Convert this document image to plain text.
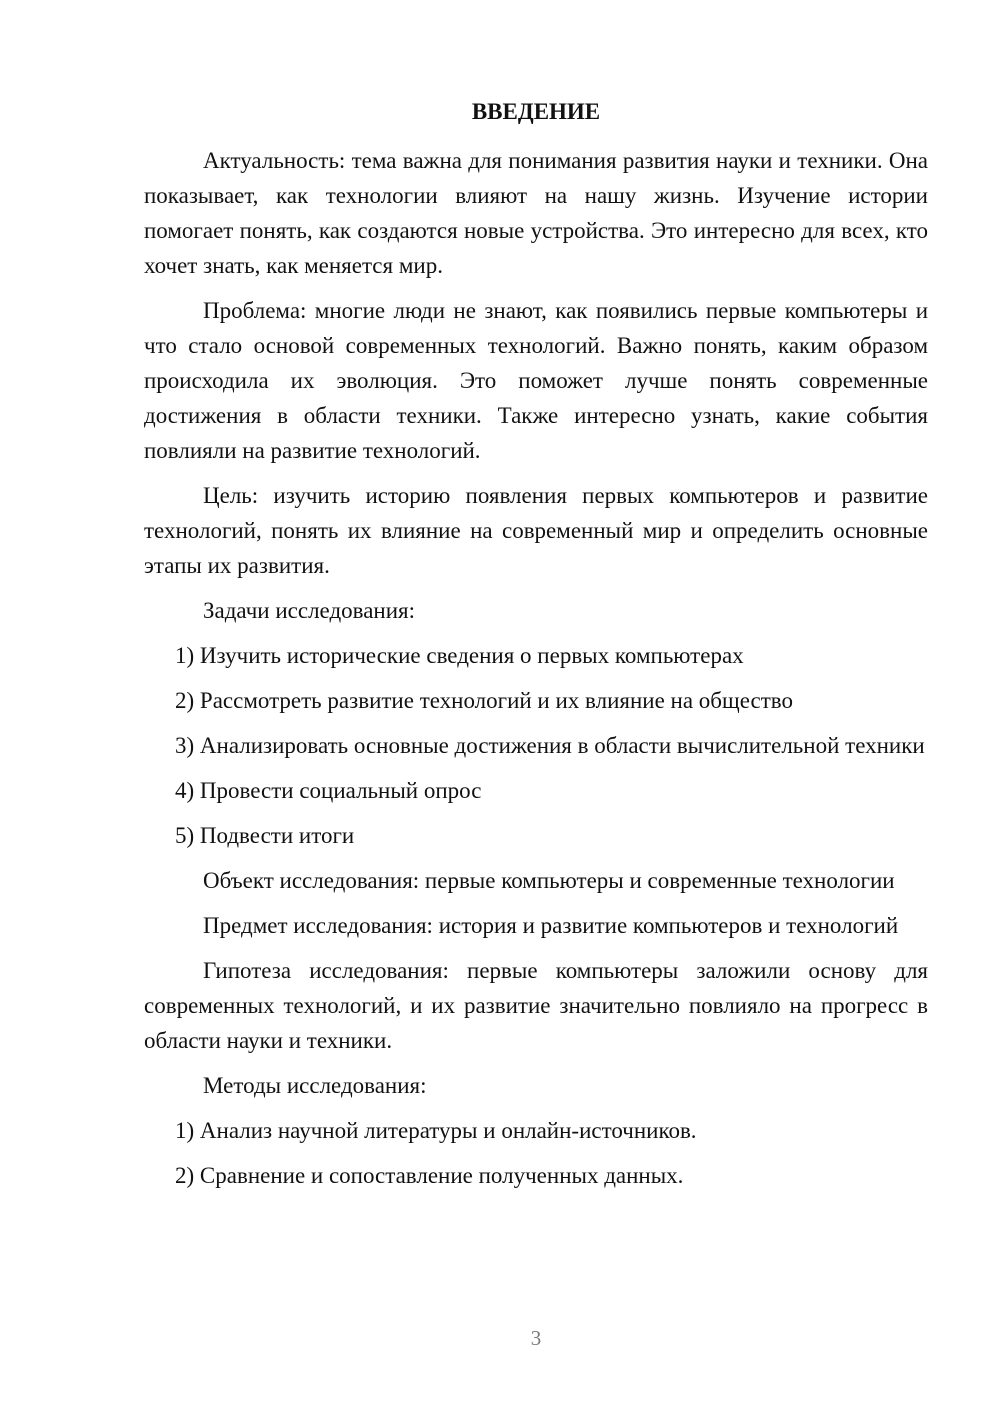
ВВЕДЕНИЕ

Актуальность: тема важна для понимания развития науки и техники. Она показывает, как технологии влияют на нашу жизнь. Изучение истории помогает понять, как создаются новые устройства. Это интересно для всех, кто хочет знать, как меняется мир.

Проблема: многие люди не знают, как появились первые компьютеры и что стало основой современных технологий. Важно понять, каким образом происходила их эволюция. Это поможет лучше понять современные достижения в области техники. Также интересно узнать, какие события повлияли на развитие технологий.

Цель: изучить историю появления первых компьютеров и развитие технологий, понять их влияние на современный мир и определить основные этапы их развития.

Задачи исследования:

1) Изучить исторические сведения о первых компьютерах

2) Рассмотреть развитие технологий и их влияние на общество

3) Анализировать основные достижения в области вычислительной техники

4) Провести социальный опрос

5) Подвести итоги

Объект исследования: первые компьютеры и современные технологии

Предмет исследования: история и развитие компьютеров и технологий

Гипотеза исследования: первые компьютеры заложили основу для современных технологий, и их развитие значительно повлияло на прогресс в области науки и техники.

Методы исследования:

1) Анализ научной литературы и онлайн-источников.

2) Сравнение и сопоставление полученных данных.

3
